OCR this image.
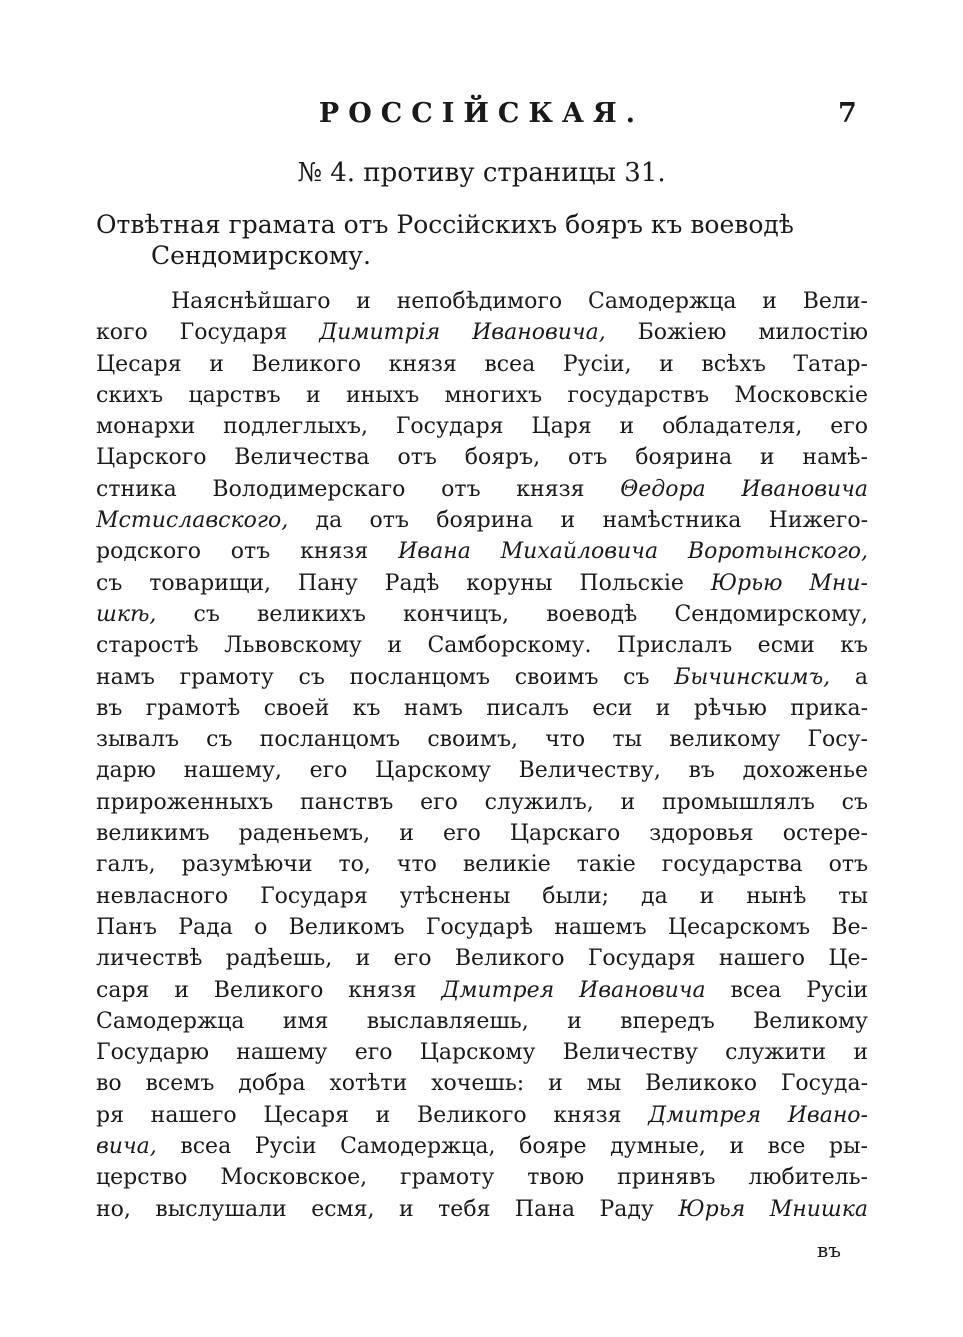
РОССІЙСКАЯ.	7
№ 4. противу страницы 31.
Отвѣтная грамата отъ Россійскихъ бояръ къ воеводѣ
Сендомирскому.
Наяснѣйшаго и непобѣдимого Самодержца и Вели-
кого Государя Димитрія Ивановича, Божіею милостію
Цесаря и Великого князя всеа Русіи, и всѣхъ Татар-
скихъ царствъ и иныхъ многихъ государствъ Московскіе
монархи подлеглыхъ, Государя Царя и обладателя, его
Царского Величества отъ бояръ, отъ боярина и намѣ-
стника Володимерскаго отъ князя Θедора Ивановича
Мстиславского, да отъ боярина и намѣстника Нижего-
родского отъ князя Ивана Михайловича Воротынского,
съ товарищи, Пану Радѣ коруны Польскіе Юрью Мни-
шкѣ, съ великихъ кончицъ, воеводѣ Сендомирскому,
старостѣ Львовскому и Самборскому. Прислалъ есми къ
намъ грамоту съ посланцомъ своимъ съ Бычинскимъ, а
въ грамотѣ своей къ намъ писалъ еси и рѣчью прика-
зывалъ съ посланцомъ своимъ, что ты великому Госу-
дарю нашему, его Царскому Величеству, въ дохоженье
прироженныхъ панствъ его служилъ, и промышлялъ съ
великимъ раденьемъ, и его Царскаго здоровья остере-
галъ, разумѣючи то, что великіе такіе государства отъ
невласного Государя утѣснены были; да и нынѣ ты
Панъ Рада о Великомъ Государѣ нашемъ Цесарскомъ Ве-
личествѣ радѣешь, и его Великого Государя нашего Це-
саря и Великого князя Дмитрея Ивановича всеа Русіи
Самодержца имя выславляешь, и впередъ Великому
Государю нашему его Царскому Величеству служити и
во всемъ добра хотѣти хочешь: и мы Великоко Госуда-
ря нашего Цесаря и Великого князя Дмитрея Ивано-
вича, всеа Русіи Самодержца, бояре думные, и все ры-
церство Московское, грамоту твою принявъ любитель-
но, выслушали есмя, и тебя Пана Раду Юрья Мнишка
въ
